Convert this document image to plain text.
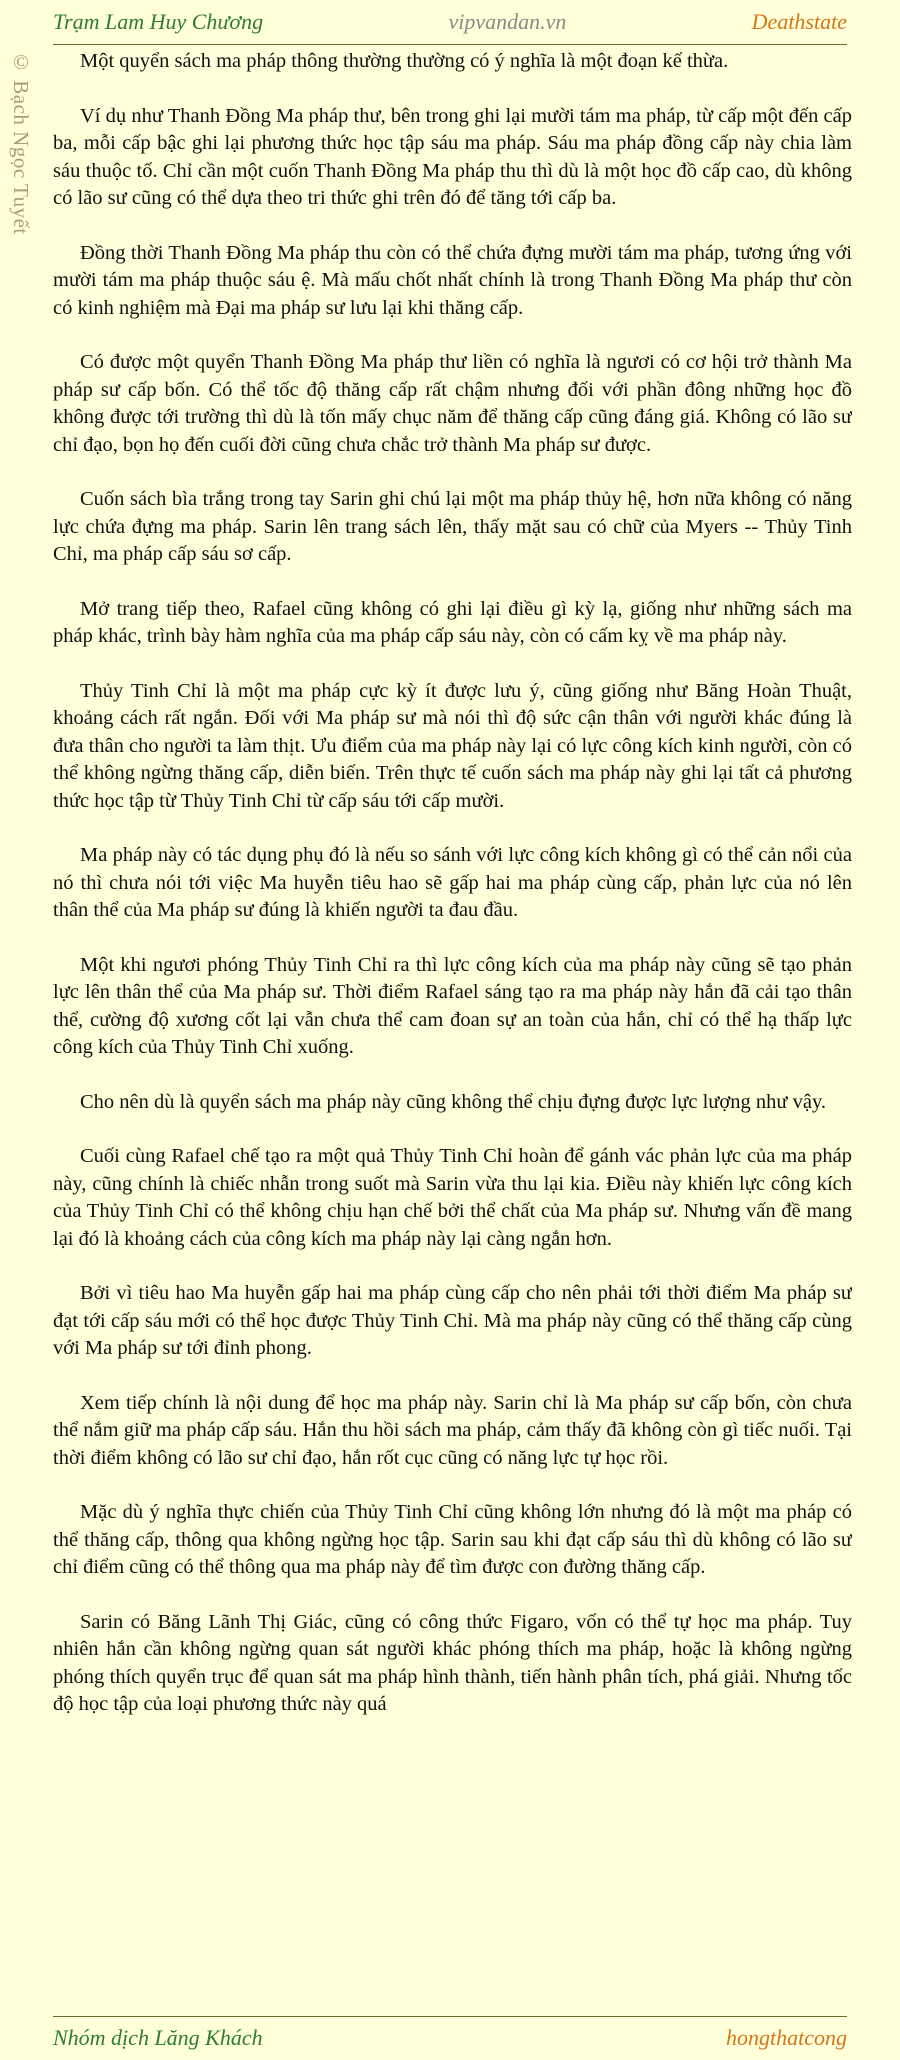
Trạm Lam Huy Chương	vipvandan.vn	Deathstate
© Bạch Ngọc Tuyết	Một quyển sách ma pháp thông thường thường có ý nghĩa là một đoạn kế thừa.

Ví dụ như Thanh Đồng Ma pháp thư, bên trong ghi lại mười tám ma pháp, từ cấp một đến cấp ba, mỗi cấp bậc ghi lại phương thức học tập sáu ma pháp. Sáu ma pháp đồng cấp này chia làm sáu thuộc tố. Chỉ cần một cuốn Thanh Đồng Ma pháp thu thì dù là một học đồ cấp cao, dù không có lão sư cũng có thể dựa theo tri thức ghi trên đó để tăng tới cấp ba.

Đồng thời Thanh Đồng Ma pháp thu còn có thể chứa đựng mười tám ma pháp, tương ứng với mười tám ma pháp thuộc sáu ệ. Mà mấu chốt nhất chính là trong Thanh Đồng Ma pháp thư còn có kinh nghiệm mà Đại ma pháp sư lưu lại khi thăng cấp.

Có được một quyển Thanh Đồng Ma pháp thư liền có nghĩa là ngươi có cơ hội trở thành Ma pháp sư cấp bốn. Có thể tốc độ thăng cấp rất chậm nhưng đối với phần đông những học đồ không được tới trường thì dù là tốn mấy chục năm để thăng cấp cũng đáng giá. Không có lão sư chỉ đạo, bọn họ đến cuối đời cũng chưa chắc trở thành Ma pháp sư được.

Cuốn sách bìa trắng trong tay Sarin ghi chú lại một ma pháp thủy hệ, hơn nữa không có năng lực chứa đựng ma pháp. Sarin lên trang sách lên, thấy mặt sau có chữ của Myers -- Thủy Tinh Chỉ, ma pháp cấp sáu sơ cấp.

Mở trang tiếp theo, Rafael cũng không có ghi lại điều gì kỳ lạ, giống như những sách ma pháp khác, trình bày hàm nghĩa của ma pháp cấp sáu này, còn có cấm kỵ về ma pháp này.

Thủy Tinh Chỉ là một ma pháp cực kỳ ít được lưu ý, cũng giống như Băng Hoàn Thuật, khoảng cách rất ngắn. Đối với Ma pháp sư mà nói thì độ sức cận thân với người khác đúng là đưa thân cho người ta làm thịt. Ưu điểm của ma pháp này lại có lực công kích kinh người, còn có thể không ngừng thăng cấp, diễn biến. Trên thực tế cuốn sách ma pháp này ghi lại tất cả phương thức học tập từ Thủy Tinh Chỉ từ cấp sáu tới cấp mười.

Ma pháp này có tác dụng phụ đó là nếu so sánh với lực công kích không gì có thể cản nổi của nó thì chưa nói tới việc Ma huyễn tiêu hao sẽ gấp hai ma pháp cùng cấp, phản lực của nó lên thân thể của Ma pháp sư đúng là khiến người ta đau đầu.

Một khi ngươi phóng Thủy Tinh Chỉ ra thì lực công kích của ma pháp này cũng sẽ tạo phản lực lên thân thể của Ma pháp sư. Thời điểm Rafael sáng tạo ra ma pháp này hắn đã cải tạo thân thể, cường độ xương cốt lại vẫn chưa thể cam đoan sự an toàn của hắn, chỉ có thể hạ thấp lực công kích của Thủy Tinh Chỉ xuống.

Cho nên dù là quyển sách ma pháp này cũng không thể chịu đựng được lực lượng như vậy.

Cuối cùng Rafael chế tạo ra một quả Thủy Tinh Chỉ hoàn để gánh vác phản lực của ma pháp này, cũng chính là chiếc nhẫn trong suốt mà Sarin vừa thu lại kia. Điều này khiến lực công kích của Thủy Tinh Chỉ có thể không chịu hạn chế bởi thể chất của Ma pháp sư. Nhưng vấn đề mang lại đó là khoảng cách của công kích ma pháp này lại càng ngắn hơn.

Bởi vì tiêu hao Ma huyễn gấp hai ma pháp cùng cấp cho nên phải tới thời điểm Ma pháp sư đạt tới cấp sáu mới có thể học được Thủy Tinh Chỉ. Mà ma pháp này cũng có thể thăng cấp cùng với Ma pháp sư tới đỉnh phong.

Xem tiếp chính là nội dung để học ma pháp này. Sarin chỉ là Ma pháp sư cấp bốn, còn chưa thể nắm giữ ma pháp cấp sáu. Hắn thu hồi sách ma pháp, cảm thấy đã không còn gì tiếc nuối. Tại thời điểm không có lão sư chỉ đạo, hắn rốt cục cũng có năng lực tự học rồi.

Mặc dù ý nghĩa thực chiến của Thủy Tinh Chỉ cũng không lớn nhưng đó là một ma pháp có thể thăng cấp, thông qua không ngừng học tập. Sarin sau khi đạt cấp sáu thì dù không có lão sư chỉ điểm cũng có thể thông qua ma pháp này để tìm được con đường thăng cấp.

Sarin có Băng Lãnh Thị Giác, cũng có công thức Figaro, vốn có thể tự học ma pháp. Tuy nhiên hắn cần không ngừng quan sát người khác phóng thích ma pháp, hoặc là không ngừng phóng thích quyển trục để quan sát ma pháp hình thành, tiến hành phân tích, phá giải. Nhưng tốc độ học tập của loại phương thức này quá

Nhóm dịch Lăng Khách	hongthatcong
